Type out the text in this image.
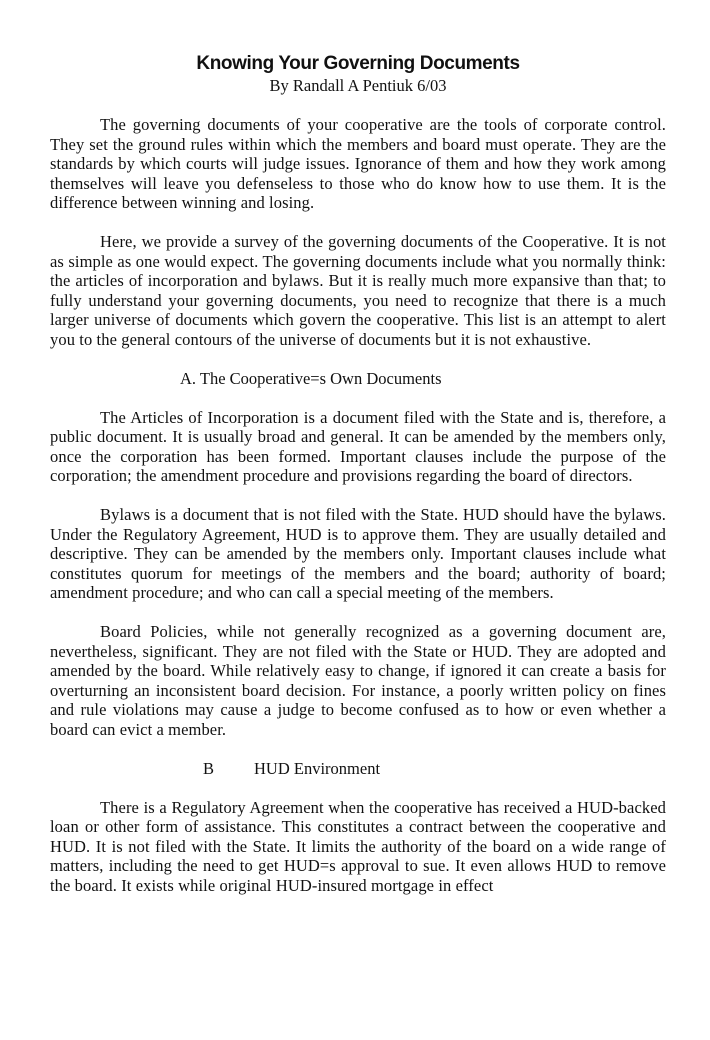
Knowing Your Governing Documents
By Randall A Pentiuk 6/03

The governing documents of your cooperative are the tools of corporate control. They set the ground rules within which the members and board must operate. They are the standards by which courts will judge issues. Ignorance of them and how they work among themselves will leave you defenseless to those who do know how to use them. It is the difference between winning and losing.

Here, we provide a survey of the governing documents of the Cooperative. It is not as simple as one would expect. The governing documents include what you normally think: the articles of incorporation and bylaws. But it is really much more expansive than that; to fully understand your governing documents, you need to recognize that there is a much larger universe of documents which govern the cooperative. This list is an attempt to alert you to the general contours of the universe of documents but it is not exhaustive.

A. The Cooperative=s Own Documents

The Articles of Incorporation is a document filed with the State and is, therefore, a public document. It is usually broad and general. It can be amended by the members only, once the corporation has been formed. Important clauses include the purpose of the corporation; the amendment procedure and provisions regarding the board of directors.

Bylaws is a document that is not filed with the State. HUD should have the bylaws. Under the Regulatory Agreement, HUD is to approve them. They are usually detailed and descriptive. They can be amended by the members only. Important clauses include what constitutes quorum for meetings of the members and the board; authority of board; amendment procedure; and who can call a special meeting of the members.

Board Policies, while not generally recognized as a governing document are, nevertheless, significant. They are not filed with the State or HUD. They are adopted and amended by the board. While relatively easy to change, if ignored it can create a basis for overturning an inconsistent board decision. For instance, a poorly written policy on fines and rule violations may cause a judge to become confused as to how or even whether a board can evict a member.

B	HUD Environment

There is a Regulatory Agreement when the cooperative has received a HUD-backed loan or other form of assistance. This constitutes a contract between the cooperative and HUD. It is not filed with the State. It limits the authority of the board on a wide range of matters, including the need to get HUD=s approval to sue. It even allows HUD to remove the board. It exists while original HUD-insured mortgage in effect
